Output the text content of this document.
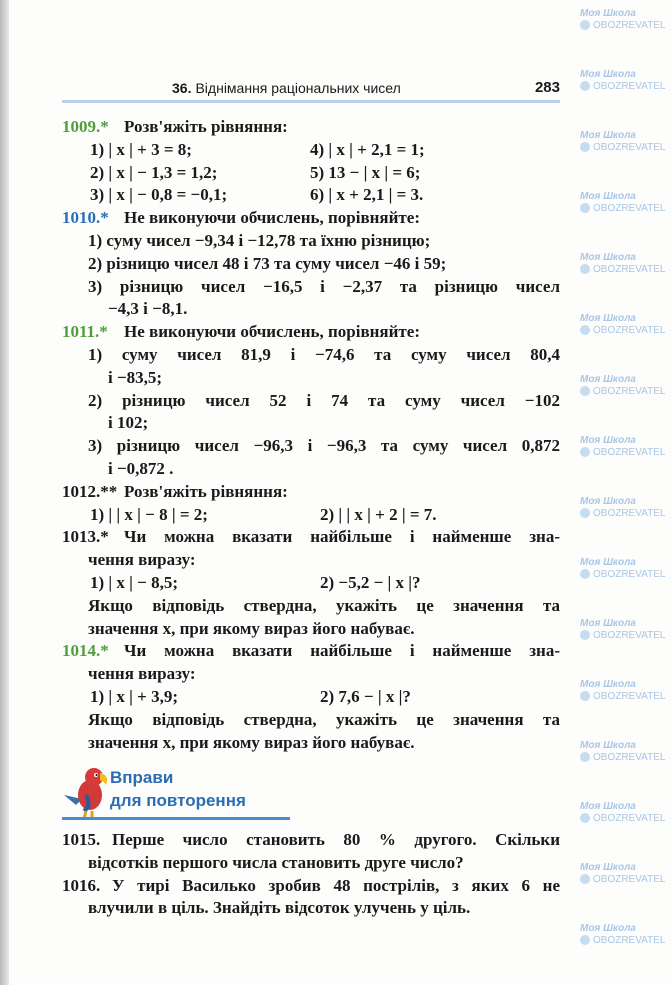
Моя Школа
OBOZREVATEL
Моя Школа
OBOZREVATEL
Моя Школа
OBOZREVATEL
Моя Школа
OBOZREVATEL
Моя Школа
OBOZREVATEL
Моя Школа
OBOZREVATEL
Моя Школа
OBOZREVATEL
Моя Школа
OBOZREVATEL
Моя Школа
OBOZREVATEL
Моя Школа
OBOZREVATEL
Моя Школа
OBOZREVATEL
Моя Школа
OBOZREVATEL
Моя Школа
OBOZREVATEL
Моя Школа
OBOZREVATEL
Моя Школа
OBOZREVATEL
Моя Школа
OBOZREVATEL
36. Віднімання раціональних чисел	283
1009.* Розв'яжіть рівняння:
1) | x | + 3 = 8;	4) | x | + 2,1 = 1;
2) | x | − 1,3 = 1,2;	5) 13 − | x | = 6;
3) | x | − 0,8 = −0,1;	6) | x + 2,1 | = 3.
1010.* Не виконуючи обчислень, порівняйте:
1) суму чисел −9,34 і −12,78 та їхню різницю;
2) різницю чисел 48 і 73 та суму чисел −46 і 59;
3) різницю чисел −16,5 і −2,37 та різницю чисел
−4,3 і −8,1.
1011.* Не виконуючи обчислень, порівняйте:
1) суму чисел 81,9 і −74,6 та суму чисел 80,4
і −83,5;
2) різницю чисел 52 і 74 та суму чисел −102
і 102;
3) різницю чисел −96,3 і −96,3 та суму чисел 0,872
і −0,872 .
1012.** Розв'яжіть рівняння:
1) | | x | − 8 | = 2;	2) | | x | + 2 | = 7.
1013.* Чи можна вказати найбільше і найменше зна-
чення виразу:
1) | x | − 8,5;	2) −5,2 − | x |?
Якщо відповідь ствердна, укажіть це значення та
значення x, при якому вираз його набуває.
1014.* Чи можна вказати найбільше і найменше зна-
чення виразу:
1) | x | + 3,9;	2) 7,6 − | x |?
Якщо відповідь ствердна, укажіть це значення та
значення x, при якому вираз його набуває.
Вправи
для повторення
1015. Перше число становить 80 % другого. Скільки
відсотків першого числа становить друге число?
1016. У тирі Василько зробив 48 пострілів, з яких 6 не
влучили в ціль. Знайдіть відсоток улучень у ціль.
